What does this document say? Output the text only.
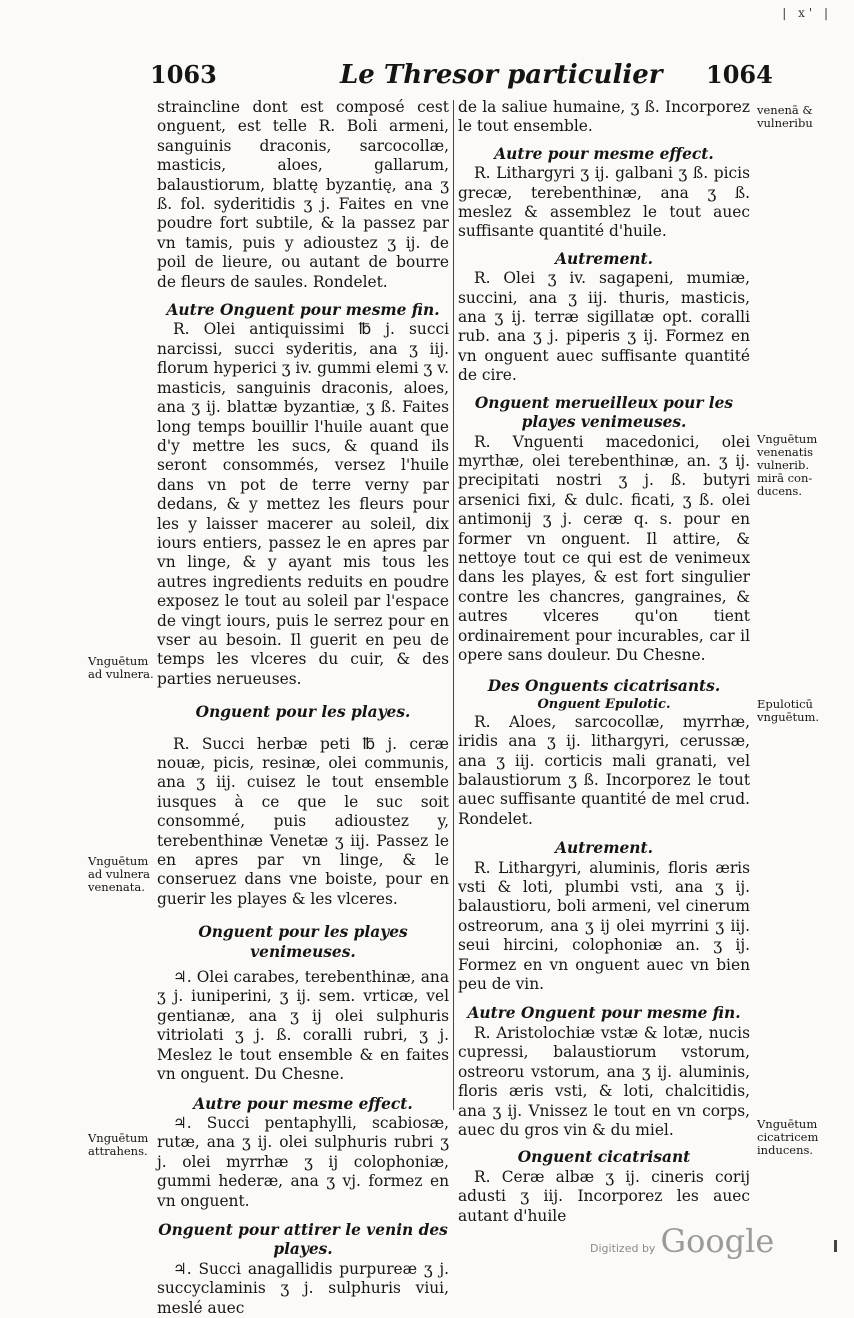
| x' |
1063	Le Thresor particulier 1064

straincline dont est composé cest onguent, est telle R. Boli armeni, sanguinis draconis, sarcocollæ, masticis, aloes, gallarum, balaustiorum, blattę byzantię, ana ʒ ß. fol. syderitidis ʒ j. Faites en vne poudre fort subtile, & la passez par vn tamis, puis y adioustez ʒ ij. de poil de lieure, ou autant de bourre de fleurs de saules. Rondelet.

Autre Onguent pour mesme fin.

R. Olei antiquissimi ℔ j. succi narcissi, succi syderitis, ana ʒ iij. florum hyperici ʒ iv. gummi elemi ʒ v. masticis, sanguinis draconis, aloes, ana ʒ ij. blattæ byzantiæ, ʒ ß. Faites long temps bouillir l'huile auant que d'y mettre les sucs, & quand ils seront consommés, versez l'huile dans vn pot de terre verny par dedans, & y mettez les fleurs pour les y laisser macerer au soleil, dix iours entiers, passez le en apres par vn linge, & y ayant mis tous les autres ingredients reduits en poudre exposez le tout au soleil par l'espace de vingt iours, puis le serrez pour en vser au besoin. Il guerit en peu de temps les vlceres du cuir, & des parties nerueuses.

Onguent pour les playes.

R. Succi herbæ peti ℔ j. ceræ nouæ, picis, resinæ, olei communis, ana ʒ iij. cuisez le tout ensemble iusques à ce que le suc soit consommé, puis adioustez y, terebenthinæ Venetæ ʒ iij. Passez le en apres par vn linge, & le conseruez dans vne boiste, pour en guerir les playes & les vlceres.

Onguent pour les playes venimeuses.

♃. Olei carabes, terebenthinæ, ana ʒ j. iuniperini, ʒ ij. sem. vrticæ, vel gentianæ, ana ʒ ij olei sulphuris vitriolati ʒ j. ß. coralli rubri, ʒ j. Meslez le tout ensemble & en faites vn onguent. Du Chesne.

Autre pour mesme effect.

♃. Succi pentaphylli, scabiosæ, rutæ, ana ʒ ij. olei sulphuris rubri ʒ j. olei myrrhæ ʒ ij colophoniæ, gummi hederæ, ana ʒ vj. formez en vn onguent.

Onguent pour attirer le venin des playes.

♃. Succi anagallidis purpureæ ʒ j. succyclaminis ʒ j. sulphuris viui, meslé auec

de la saliue humaine, ʒ ß. Incorporez le tout ensemble.

Autre pour mesme effect.

R. Lithargyri ʒ ij. galbani ʒ ß. picis grecæ, terebenthinæ, ana ʒ ß. meslez & assemblez le tout auec suffisante quantité d'huile.

Autrement.

R. Olei ʒ iv. sagapeni, mumiæ, succini, ana ʒ iij. thuris, masticis, ana ʒ ij. terræ sigillatæ opt. coralli rub. ana ʒ j. piperis ʒ ij. Formez en vn onguent auec suffisante quantité de cire.

Onguent merueilleux pour les playes venimeuses.

R. Vnguenti macedonici, olei myrthæ, olei terebenthinæ, an. ʒ ij. precipitati nostri ʒ j. ß. butyri arsenici fixi, & dulc. ficati, ʒ ß. olei antimonij ʒ j. ceræ q. s. pour en former vn onguent. Il attire, & nettoye tout ce qui est de venimeux dans les playes, & est fort singulier contre les chancres, gangraines, & autres vlceres qu'on tient ordinairement pour incurables, car il opere sans douleur. Du Chesne.

Des Onguents cicatrisants.

Onguent Epulotic.

R. Aloes, sarcocollæ, myrrhæ, iridis ana ʒ ij. lithargyri, cerussæ, ana ʒ iij. corticis mali granati, vel balaustiorum ʒ ß. Incorporez le tout auec suffisante quantité de mel crud. Rondelet.

Autrement.

R. Lithargyri, aluminis, floris æris vsti & loti, plumbi vsti, ana ʒ ij. balaustioru, boli armeni, vel cinerum ostreorum, ana ʒ ij olei myrrini ʒ iij. seui hircini, colophoniæ an. ʒ ij. Formez en vn onguent auec vn bien peu de vin.

Autre Onguent pour mesme fin.

R. Aristolochiæ vstæ & lotæ, nucis cupressi, balaustiorum vstorum, ostreoru vstorum, ana ʒ ij. aluminis, floris æris vsti, & loti, chalcitidis, ana ʒ ij. Vnissez le tout en vn corps, auec du gros vin & du miel.

Onguent cicatrisant

R. Ceræ albæ ʒ ij. cineris corij adusti ʒ iij. Incorporez les auec autant d'huile

Vnguētum
ad vulnera.
Vnguētum
ad vulnera
venenata.
Vnguētum
attrahens.
venenā &
vulneribu
Vnguētum
venenatis
vulnerib.
mirā con-
ducens.
Epuloticū
vnguētum.
Vnguētum
cicatricem
inducens.
Digitized by Google
